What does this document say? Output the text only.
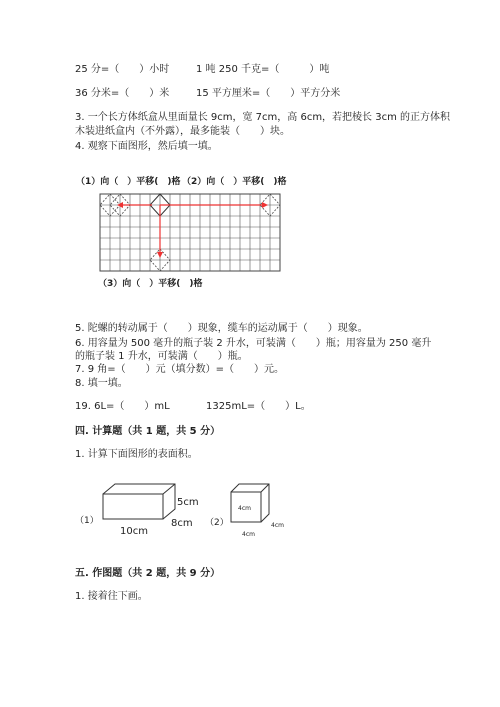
25 分=（　　）小时	1 吨 250 千克=（　　　）吨
36 分米=（　　）米	15 平方厘米=（　　）平方分米
3. 一个长方体纸盒从里面量长 9cm，宽 7cm，高 6cm，若把棱长 3cm 的正方体积
木装进纸盒内（不外露），最多能装（　　）块。
4. 观察下面图形，然后填一填。
（1）向（　）平移(　)格 （2）向（　）平移(　)格
（3）向（　）平移(　)格
5. 陀螺的转动属于（　　）现象，缆车的运动属于（　　）现象。
6. 用容量为 500 毫升的瓶子装 2 升水，可装满（　　）瓶；用容量为 250 毫升
的瓶子装 1 升水，可装满（　　）瓶。
7. 9 角=（　　）元（填分数）=（　　）元。
8. 填一填。
19. 6L=（　　）mL	1325mL=（　　）L。
四. 计算题（共 1 题，共 5 分）
1. 计算下面图形的表面积。
（1）
5cm
8cm
10cm
（2）
4cm
4cm
4cm
五. 作图题（共 2 题，共 9 分）
1. 接着往下画。
